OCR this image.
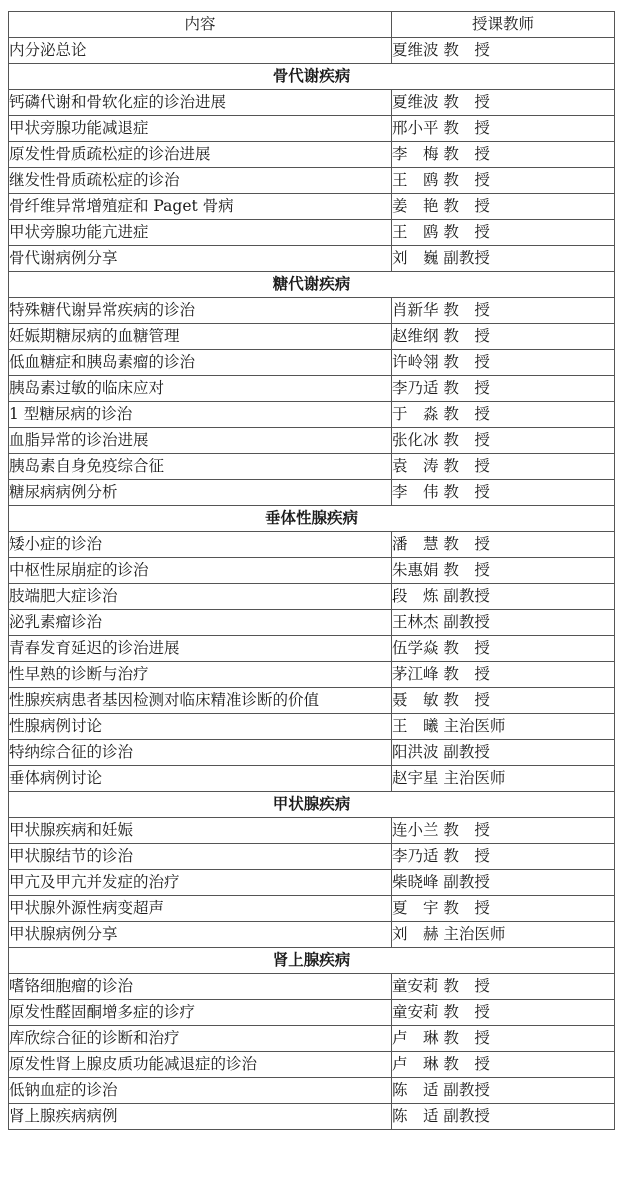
内容	授课教师
内分泌总论	夏维波 教　授
骨代谢疾病	
钙磷代谢和骨软化症的诊治进展	夏维波 教　授
甲状旁腺功能减退症	邢小平 教　授
原发性骨质疏松症的诊治进展	李　梅 教　授
继发性骨质疏松症的诊治	王　鸥 教　授
骨纤维异常增殖症和 Paget 骨病	姜　艳 教　授
甲状旁腺功能亢进症	王　鸥 教　授
骨代谢病例分享	刘　巍 副教授
糖代谢疾病	
特殊糖代谢异常疾病的诊治	肖新华 教　授
妊娠期糖尿病的血糖管理	赵维纲 教　授
低血糖症和胰岛素瘤的诊治	许岭翎 教　授
胰岛素过敏的临床应对	李乃适 教　授
1 型糖尿病的诊治	于　淼 教　授
血脂异常的诊治进展	张化冰 教　授
胰岛素自身免疫综合征	袁　涛 教　授
糖尿病病例分析	李　伟 教　授
垂体性腺疾病	
矮小症的诊治	潘　慧 教　授
中枢性尿崩症的诊治	朱惠娟 教　授
肢端肥大症诊治	段　炼 副教授
泌乳素瘤诊治	王林杰 副教授
青春发育延迟的诊治进展	伍学焱 教　授
性早熟的诊断与治疗	茅江峰 教　授
性腺疾病患者基因检测对临床精准诊断的价值	聂　敏 教　授
性腺病例讨论	王　曦 主治医师
特纳综合征的诊治	阳洪波 副教授
垂体病例讨论	赵宇星 主治医师
甲状腺疾病	
甲状腺疾病和妊娠	连小兰 教　授
甲状腺结节的诊治	李乃适 教　授
甲亢及甲亢并发症的治疗	柴晓峰 副教授
甲状腺外源性病变超声	夏　宇 教　授
甲状腺病例分享	刘　赫 主治医师
肾上腺疾病	
嗜铬细胞瘤的诊治	童安莉 教　授
原发性醛固酮增多症的诊疗	童安莉 教　授
库欣综合征的诊断和治疗	卢　琳 教　授
原发性肾上腺皮质功能减退症的诊治	卢　琳 教　授
低钠血症的诊治	陈　适 副教授
肾上腺疾病病例	陈　适 副教授
